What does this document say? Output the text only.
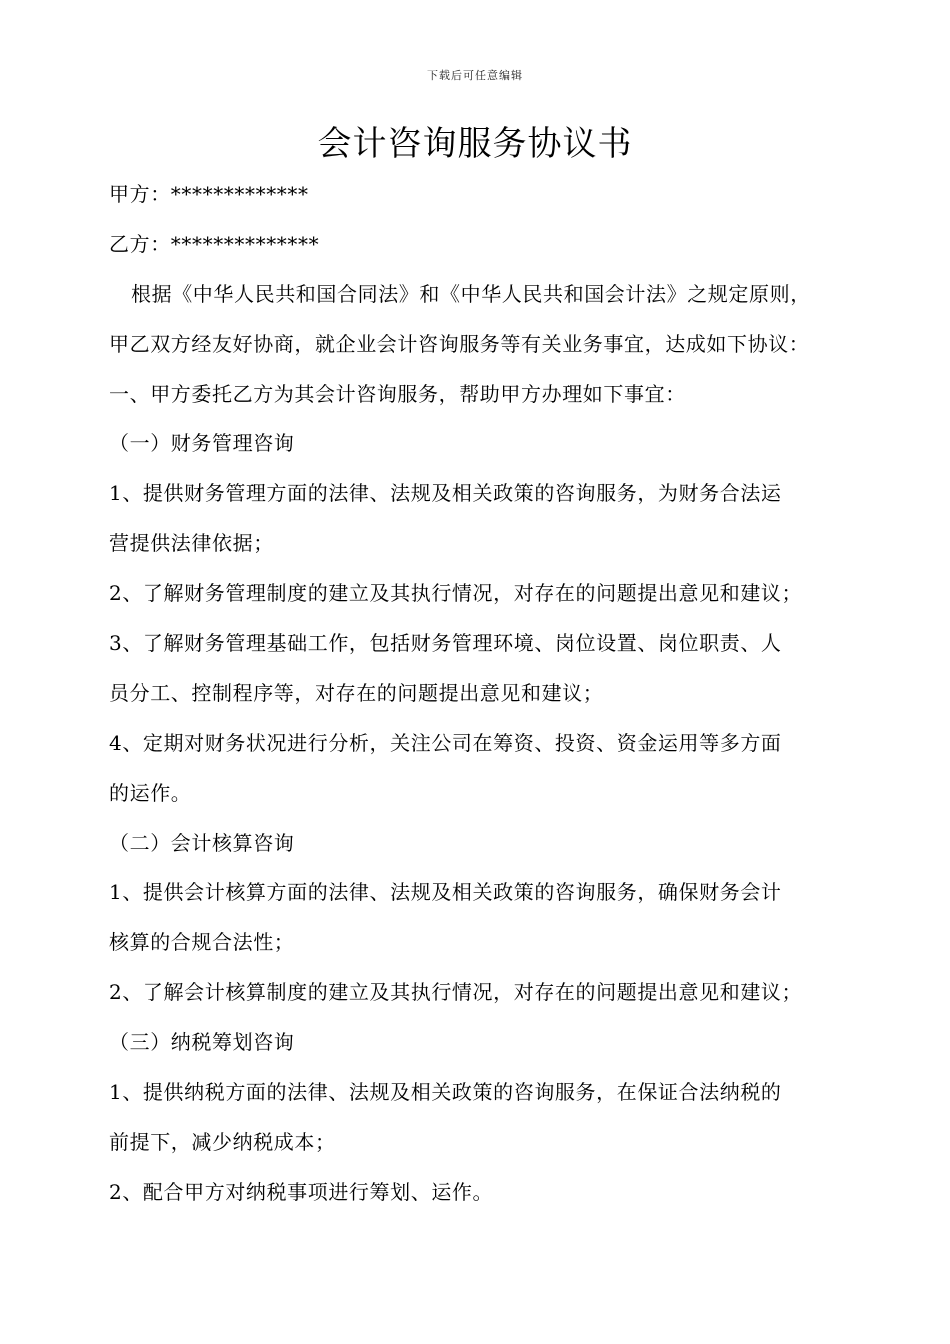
下载后可任意编辑
会计咨询服务协议书
甲方：*************
乙方：**************
根据《中华人民共和国合同法》和《中华人民共和国会计法》之规定原则，
甲乙双方经友好协商，就企业会计咨询服务等有关业务事宜，达成如下协议：
一、甲方委托乙方为其会计咨询服务，帮助甲方办理如下事宜：
（一）财务管理咨询
1、提供财务管理方面的法律、法规及相关政策的咨询服务，为财务合法运
营提供法律依据；
2、了解财务管理制度的建立及其执行情况，对存在的问题提出意见和建议；
3、了解财务管理基础工作，包括财务管理环境、岗位设置、岗位职责、人
员分工、控制程序等，对存在的问题提出意见和建议；
4、定期对财务状况进行分析，关注公司在筹资、投资、资金运用等多方面
的运作。
（二）会计核算咨询
1、提供会计核算方面的法律、法规及相关政策的咨询服务，确保财务会计
核算的合规合法性；
2、了解会计核算制度的建立及其执行情况，对存在的问题提出意见和建议；
（三）纳税筹划咨询
1、提供纳税方面的法律、法规及相关政策的咨询服务，在保证合法纳税的
前提下，减少纳税成本；
2、配合甲方对纳税事项进行筹划、运作。
